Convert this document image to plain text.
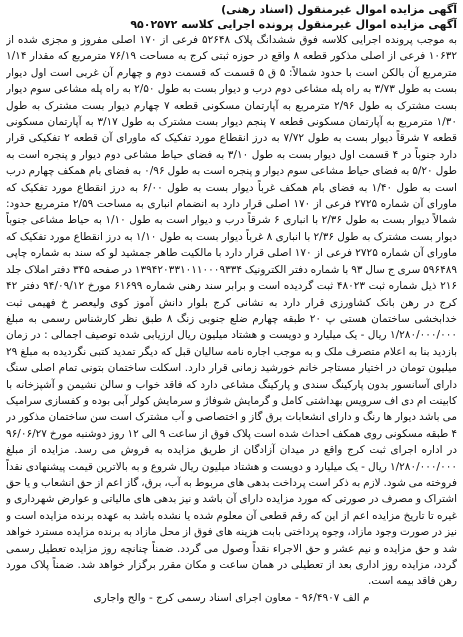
آگهی مزایده اموال غیرمنقول (اسناد رهنی)

آگهی مزایده اموال غیرمنقول پرونده اجرایی کلاسه ۹۵۰۲۵۷۲

به موجب پرونده اجرایی کلاسه فوق ششدانگ پلاک ۵۲۶۴۸ فرعی از ۱۷۰ اصلی مفروز و مجزی شده از ۱۰۶۳۲ فرعی از اصلی مذکور قطعه ۸ واقع در حوزه ثبتی کرج به مساحت ۷۶/۱۹ مترمربع که مقدار ۱/۱۴ مترمربع آن بالکن است با حدود شمالاً: ۵ ق ۵ قسمت که قسمت دوم و چهارم آن غربی است اول دیوار بست به طول ۳/۷۳ به راه پله مشاعی دوم درب و دیوار بست به طول ۲/۵۰ به راه پله مشاعی سوم دیوار بست مشترک به طول ۲/۹۶ مترمربع به آپارتمان مسکونی قطعه ۷ چهارم دیوار بست مشترک به طول ۱/۳۰ مترمربع به آپارتمان مسکونی قطعه ۷ پنجم دیوار بست مشترک به طول ۳/۱۷ به آپارتمان مسکونی قطعه ۷ شرقاً دیوار بست به طول ۷/۷۲ به درز انقطاع مورد تفکیک که ماورای آن قطعه ۲ تفکیکی قرار دارد جنوباً در ۴ قسمت اول دیوار بست به طول ۳/۱۰ به فضای حیاط مشاعی دوم دیوار و پنجره است به طول ۵/۲۰ به فضای حیاط مشاعی سوم دیوار و پنجره است به طول ۰/۹۶ به فضای بام همکف چهارم درب است به طول ۱/۴۰ به فضای بام همکف غرباً دیوار بست به طول ۶/۰۰ به درز انقطاع مورد تفکیک که ماورای آن شماره ۲۷۲۵ فرعی از ۱۷۰ اصلی قرار دارد به انضمام انباری به مساحت ۲/۵۹ مترمربع حدود: شمالاً دیوار بست به طول ۲/۳۶ با انباری ۶ شرقاً درب و دیوار است به طول ۱/۱۰ به حیاط مشاعی جنوباً دیوار بست مشترک به طول ۲/۳۶ با انباری ۸ غرباً دیوار بست به طول ۱/۱۰ به درز انقطاع مورد تفکیک که ماورای آن شماره ۲۷۲۵ فرعی از ۱۷۰ اصلی قرار دارد با مالکیت طاهر جمشید لو که سند به شماره چاپی ۵۹۶۴۸۹ سری ج سال ۹۳ با شماره دفتر الکترونیک ۱۳۹۴۲۰۳۳۱۰۱۱۰۰۰۹۳۳۴ در صفحه ۳۴۵ دفتر املاک جلد ۲۱۶ ذیل شماره ثبت ۴۸۰۲۳ ثبت گردیده است و برابر سند رهنی شماره ۶۱۶۹۹ مورخ ۹۴/۰۹/۱۲ دفتر ۴۲ کرج در رهن بانک کشاورزی قرار دارد به نشانی کرج بلوار دانش آموز کوی ولیعصر خ فهیمی ثبت خدابخشی ساختمان هستی پ ۲۰ طبقه چهارم ضلع جنوبی زنگ ۸ طبق نظر کارشناس رسمی به مبلغ ۱/۲۸۰/۰۰۰/۰۰۰ ریال - یک میلیارد و دویست و هشتاد میلیون ریال ارزیابی شده توصیف اجمالی : در زمان بازدید بنا به اعلام متصرف ملک و به موجب اجاره نامه سالیان قبل که دیگر تمدید کتبی نگردیده به مبلغ ۲۹ میلیون تومان در اختیار مستاجر خانم خورشید زمانی قرار دارد. اسکلت ساختمان بتونی تمام اصلی سنگ دارای آسانسور بدون پارکینگ سندی و پارکینگ مشاعی دارد که فاقد خواب و سالن نشیمن و آشپزخانه با کابینت ام دی اف سرویس بهداشتی کامل و گرمایش شوفاژ و سرمایش کولر آبی بوده و کفسازی سرامیک می باشد دیوار ها رنگ و دارای انشعابات برق گاز و اختصاصی و آب مشترک است سن ساختمان مذکور در ۴ طبقه مسکونی روی همکف احداث شده است پلاک فوق از ساعت ۹ الی ۱۲ روز دوشنبه مورخ ۹۶/۰۶/۲۷ در اداره اجرای ثبت کرج واقع در میدان آزادگان از طریق مزایده به فروش می رسد. مزایده از مبلغ ۱/۲۸۰/۰۰۰/۰۰۰ ریال - یک میلیارد و دویست و هشتاد میلیون ریال شروع و به بالاترین قیمت پیشنهادی نقداً فروخته می شود. لازم به ذکر است پرداخت بدهی های مربوط به آب، برق، گاز اعم از حق انشعاب و یا حق اشتراک و مصرف در صورتی که مورد مزایده دارای آن باشد و نیز بدهی های مالیاتی و عوارض شهرداری و غیره تا تاریخ مزایده اعم از این که رقم قطعی آن معلوم شده یا نشده باشد به عهده برنده مزایده است و نیز در صورت وجود مازاد، وجوه پرداختی بابت هزینه های فوق از محل مازاد به برنده مزایده مسترد خواهد شد و حق مزایده و نیم عشر و حق الاجراء نقداً وصول می گردد. ضمناً چنانچه روز مزایده تعطیل رسمی گردد، مزایده روز اداری بعد از تعطیلی در همان ساعت و مکان مقرر برگزار خواهد شد. ضمناً پلاک مورد رهن فاقد بیمه است.

م الف ۹۶/۴۹۰۷ - معاون اجرای اسناد رسمی کرج - والح واجاری
